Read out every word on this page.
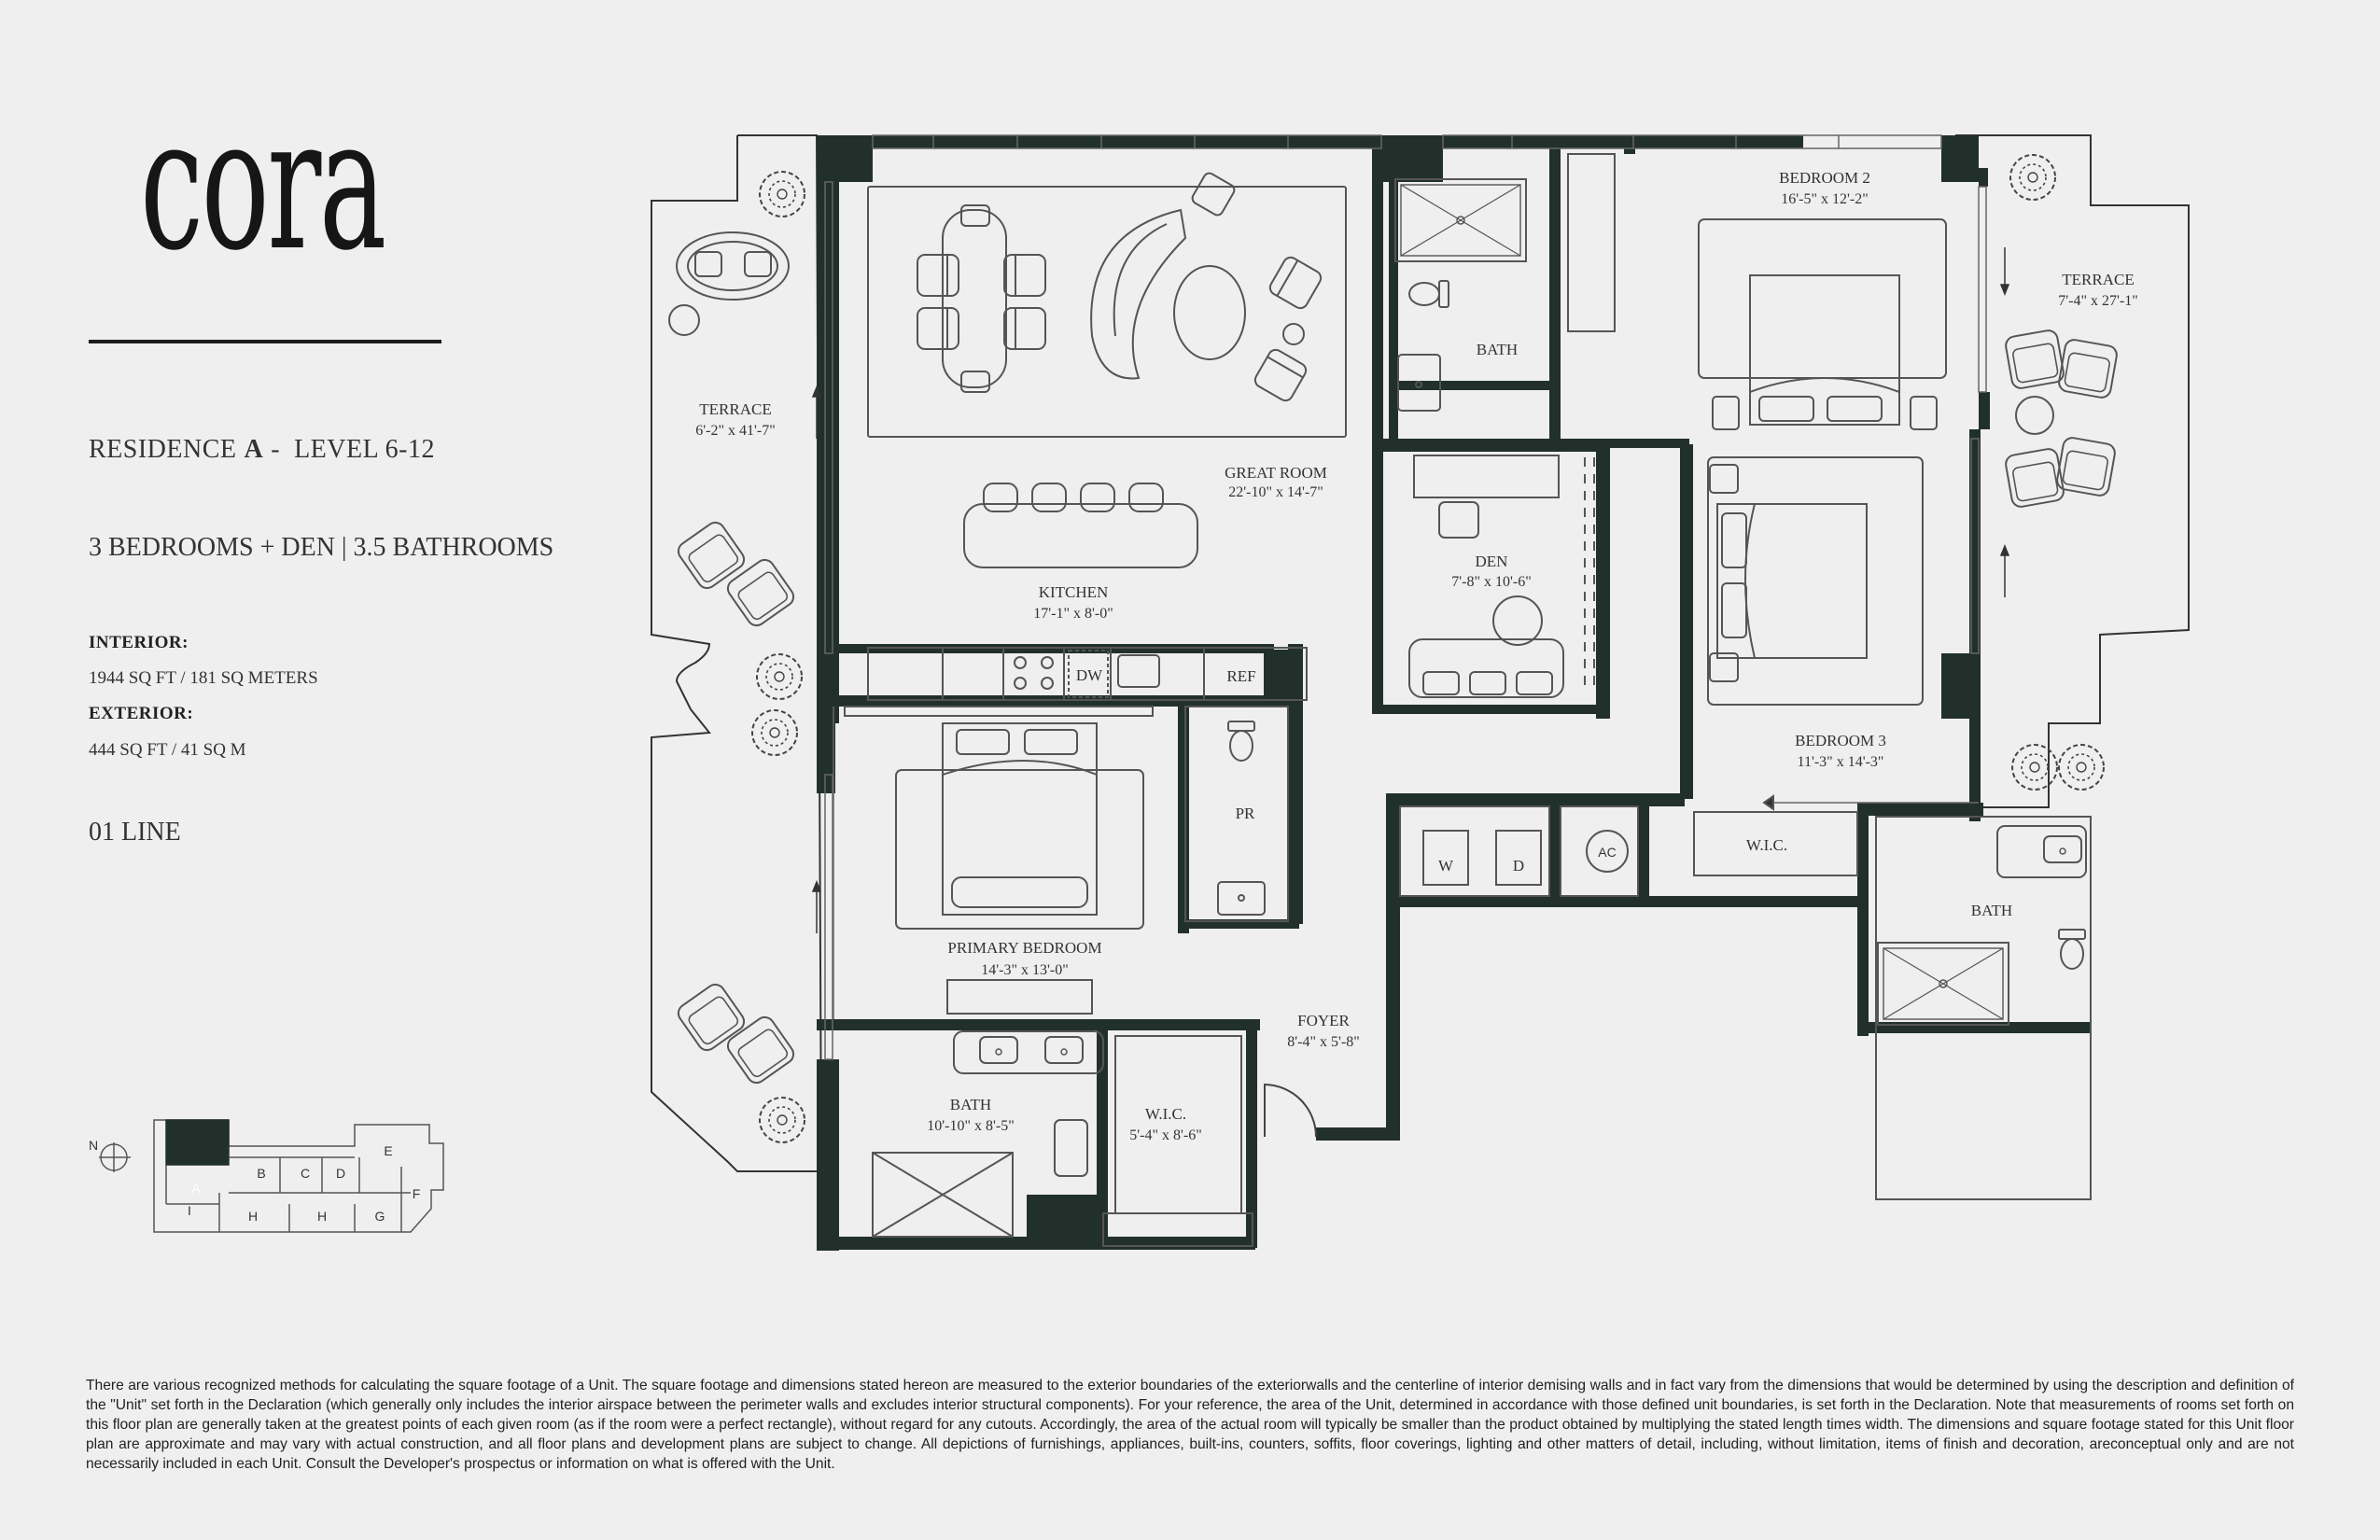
cora
RESIDENCE A - LEVEL 6-12
3 BEDROOMS + DEN | 3.5 BATHROOMS
INTERIOR:
1944 SQ FT / 181 SQ METERS
EXTERIOR:
444 SQ FT / 41 SQ M
01 LINE
DW	REF
W	D
AC
TERRACE
6'-2" x 41'-7"
GREAT ROOM
22'-10" x 14'-7"
KITCHEN
17'-1" x 8'-0"
BATH
DEN
7'-8" x 10'-6"
BEDROOM 2
16'-5" x 12'-2"
TERRACE
7'-4" x 27'-1"
BEDROOM 3
11'-3" x 14'-3"
PRIMARY BEDROOM
14'-3" x 13'-0"
PR
FOYER
8'-4" x 5'-8"
BATH
10'-10" x 8'-5"
W.I.C.
5'-4" x 8'-6"
W.I.C.
BATH
N
A
B	C D
E
F
G
H	H
I
There are various recognized methods for calculating the square footage of a Unit. The square footage and dimensions stated hereon are measured to the exterior boundaries of the exteriorwalls and the centerline of interior demising walls and in fact vary from the dimensions that would be determined by using the description and definition of the "Unit" set forth in the Declaration (which generally only includes the interior airspace between the perimeter walls and excludes interior structural components). For your reference, the area of the Unit, determined in accordance with those defined unit boundaries, is set forth in the Declaration. Note that measurements of rooms set forth on this floor plan are generally taken at the greatest points of each given room (as if the room were a perfect rectangle), without regard for any cutouts. Accordingly, the area of the actual room will typically be smaller than the product obtained by multiplying the stated length times width. The dimensions and square footage stated for this Unit floor plan are approximate and may vary with actual construction, and all floor plans and development plans are subject to change. All depictions of furnishings, appliances, built-ins, counters, soffits, floor coverings, lighting and other matters of detail, including, without limitation, items of finish and decoration, areconceptual only and are not necessarily included in each Unit. Consult the Developer's prospectus or information on what is offered with the Unit.
